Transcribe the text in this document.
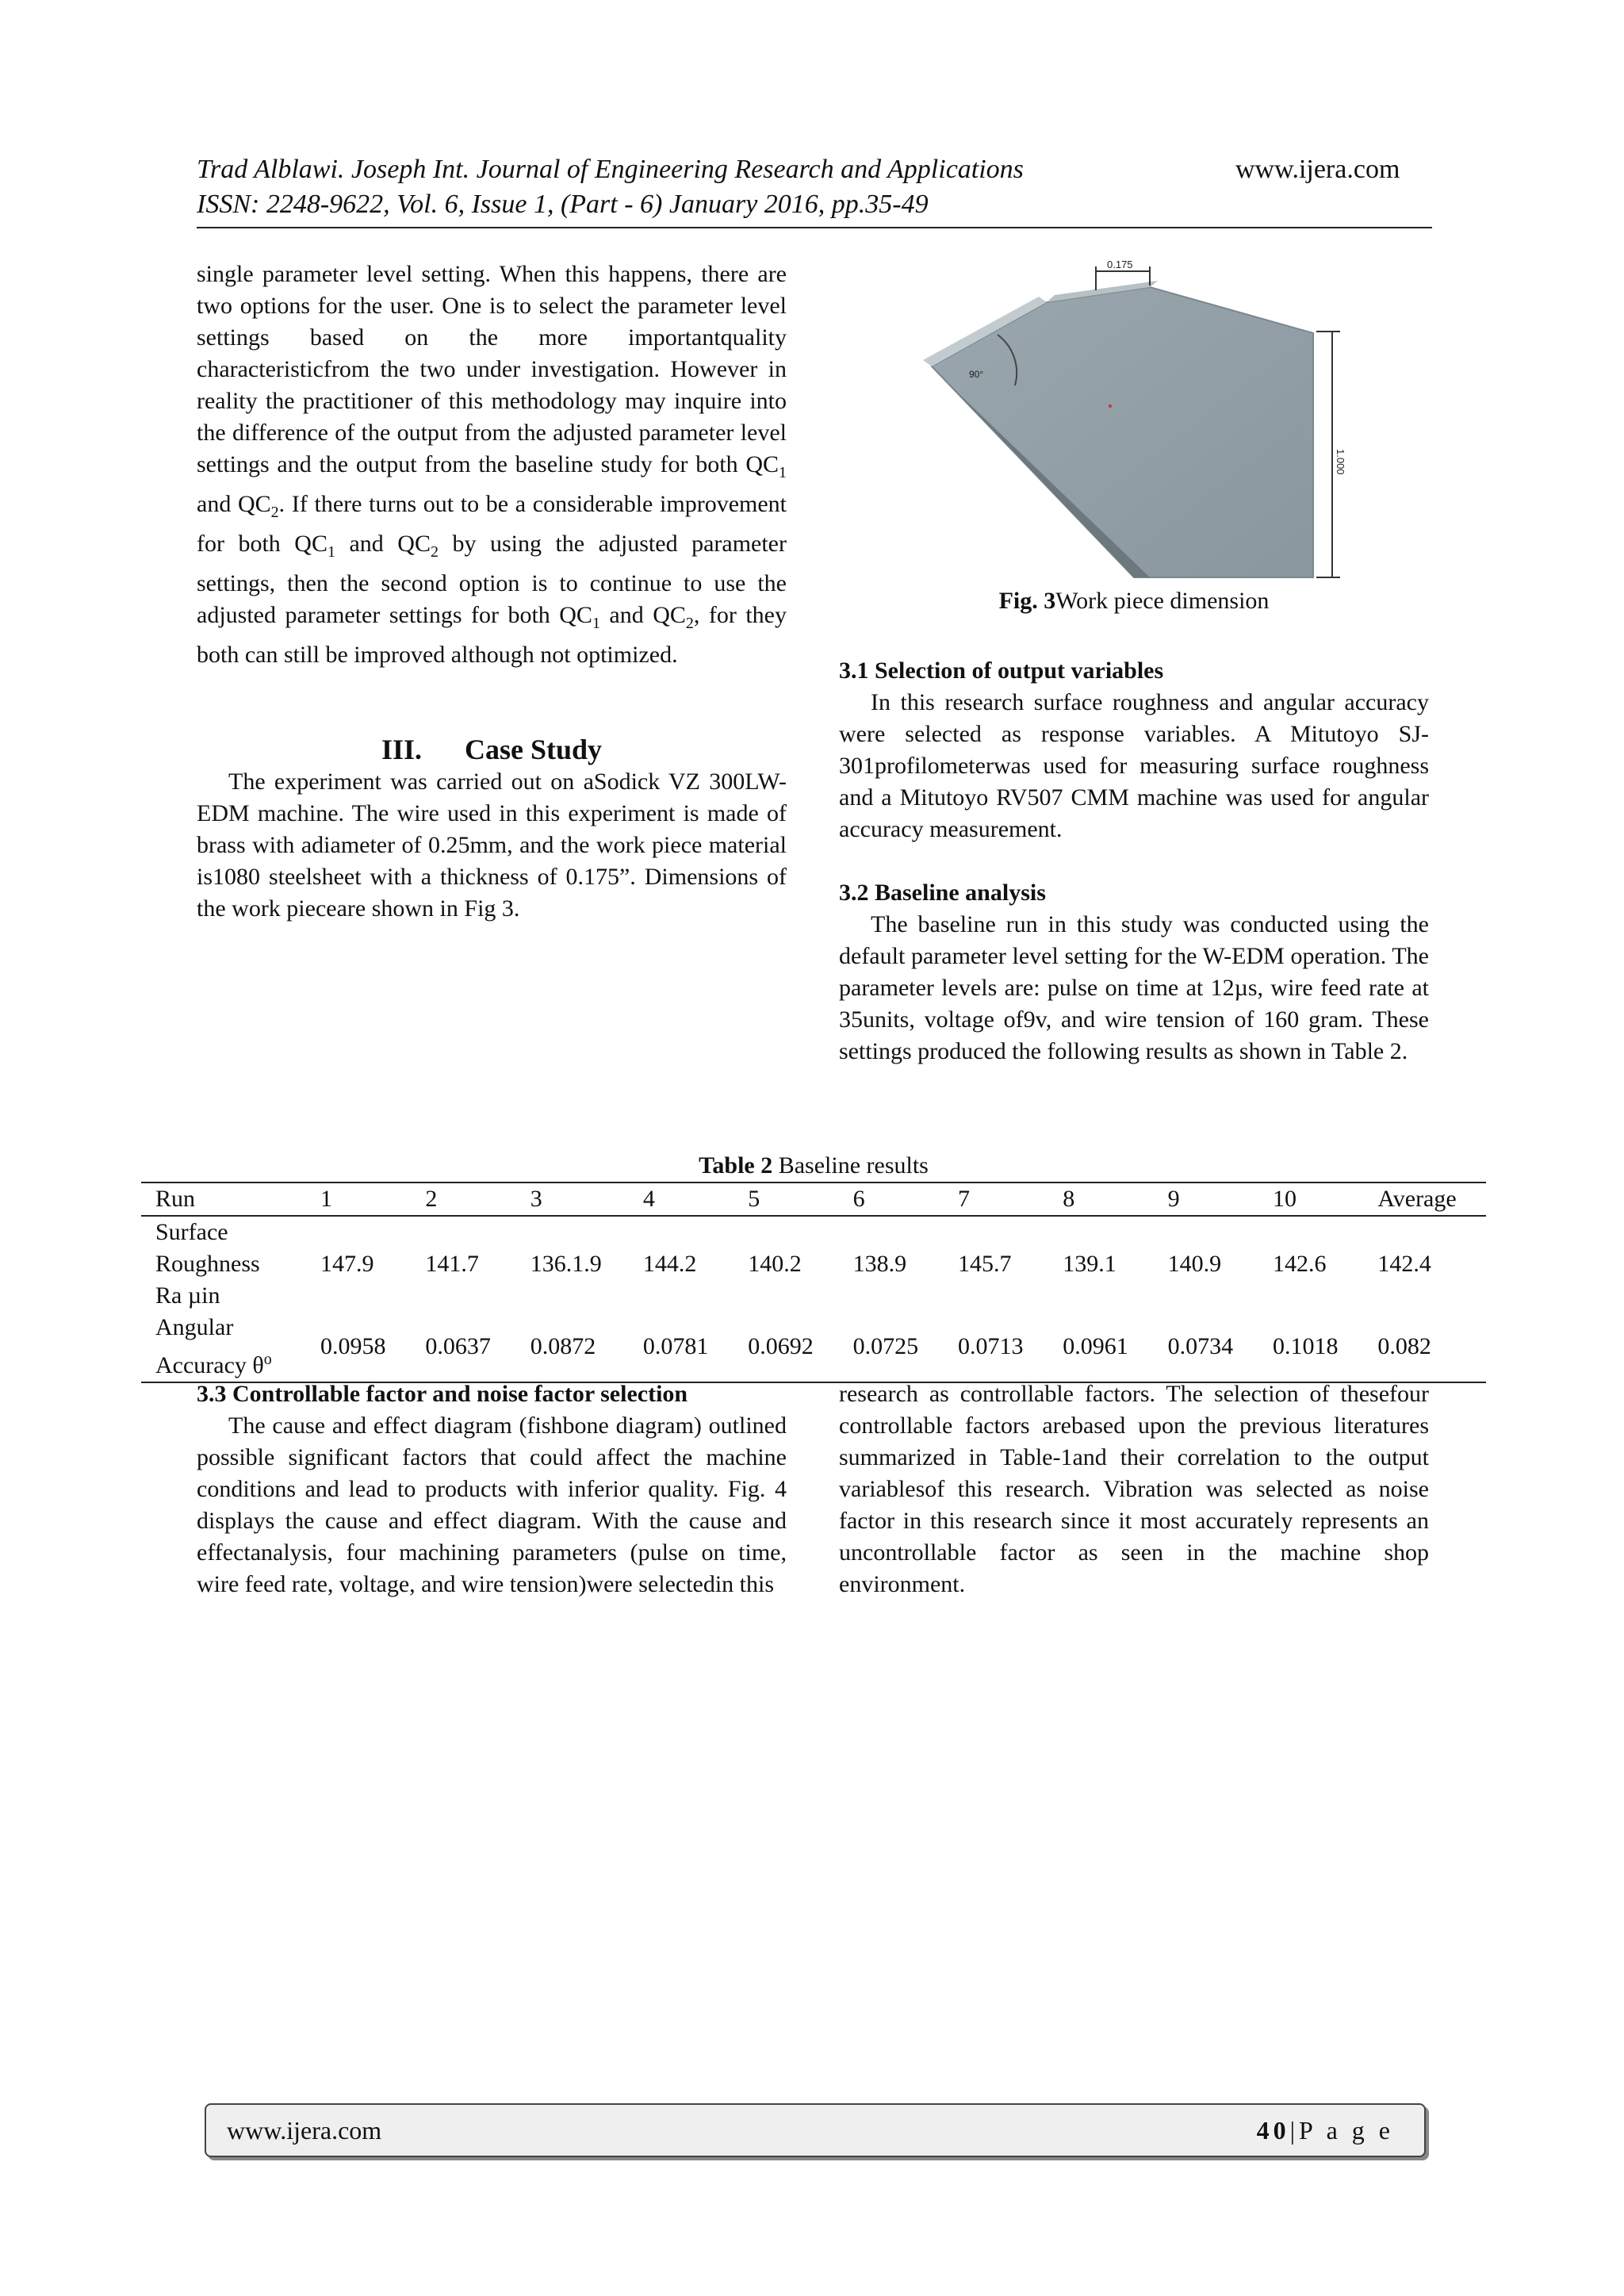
Trad Alblawi. Joseph Int. Journal of Engineering Research and Applications
ISSN: 2248-9622, Vol. 6, Issue 1, (Part - 6) January 2016, pp.35-49
www.ijera.com

single parameter level setting. When this happens, there are two options for the user. One is to select the parameter level settings based on the more importantquality characteristicfrom the two under investigation. However in reality the practitioner of this methodology may inquire into the difference of the output from the adjusted parameter level settings and the output from the baseline study for both $QC_1$ and $QC_2$. If there turns out to be a considerable improvement for both $QC_1$ and $QC_2$ by using the adjusted parameter settings, then the second option is to continue to use the adjusted parameter settings for both $QC_1$ and $QC_2$, for they both can still be improved although not optimized.

III. Case Study

The experiment was carried out on aSodick VZ 300LW-EDM machine. The wire used in this experiment is made of brass with adiameter of 0.25mm, and the work piece material is1080 steelsheet with a thickness of 0.175”. Dimensions of the work pieceare shown in Fig 3.

90°
0.175
1.000
Fig. 3Work piece dimension

3.1 Selection of output variables

In this research surface roughness and angular accuracy were selected as response variables. A Mitutoyo SJ-301profilometerwas used for measuring surface roughness and a Mitutoyo RV507 CMM machine was used for angular accuracy measurement.

3.2 Baseline analysis

The baseline run in this study was conducted using the default parameter level setting for the W-EDM operation. The parameter levels are: pulse on time at 12µs, wire feed rate at 35units, voltage of9v, and wire tension of 160 gram. These settings produced the following results as shown in Table 2.

Table 2 Baseline results
Run	1	2	3	4	5	6	7	8	9	10	Average

Surface
Roughness
Ra µin	147.9	141.7	136.1.9	144.2	140.2	138.9	145.7	139.1	140.9	142.6	142.4

Angular
Accuracy $\theta^o$	0.0958	0.0637	0.0872	0.0781	0.0692	0.0725	0.0713	0.0961	0.0734	0.1018	0.082

3.3 Controllable factor and noise factor selection

The cause and effect diagram (fishbone diagram) outlined possible significant factors that could affect the machine conditions and lead to products with inferior quality. Fig. 4 displays the cause and effect diagram. With the cause and effectanalysis, four machining parameters (pulse on time, wire feed rate, voltage, and wire tension)were selectedin this

research as controllable factors. The selection of thesefour controllable factors arebased upon the previous literatures summarized in Table-1and their correlation to the output variablesof this research. Vibration was selected as noise factor in this research since it most accurately represents an uncontrollable factor as seen in the machine shop environment.

www.ijera.com	40|P a g e
